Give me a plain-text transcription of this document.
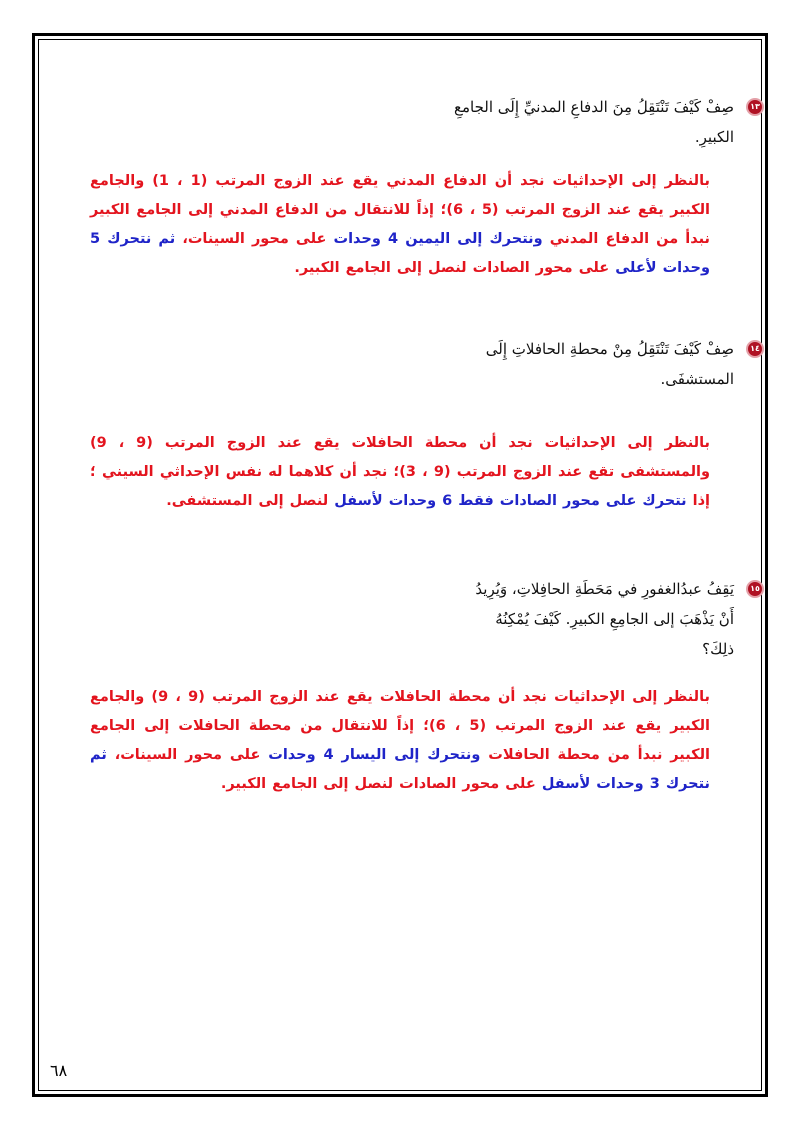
١٣
صِفْ كَيْفَ تَنْتَقِلُ مِنَ الدفاعِ المدنيِّ إِلَى الجامعِ
الكبيرِ.
بالنظر إلى الإحداثيات نجد أن الدفاع المدني يقع عند الزوج المرتب (1 ، 1) والجامع الكبير يقع عند الزوج المرتب (5 ، 6)؛ إذاً للانتقال من الدفاع المدني إلى الجامع الكبير نبدأ من الدفاع المدني ونتحرك إلى اليمين 4 وحدات على محور السينات، ثم نتحرك 5 وحدات لأعلى على محور الصادات لنصل إلى الجامع الكبير.
١٤
صِفْ كَيْفَ تَنْتَقِلُ مِنْ محطةِ الحافلاتِ إِلَى
المستشفَى.
بالنظر إلى الإحداثيات نجد أن محطة الحافلات يقع عند الزوج المرتب (9 ، 9) والمستشفى تقع عند الزوج المرتب (9 ، 3)؛ نجد أن كلاهما له نفس الإحداثي السيني ؛إذا نتحرك على محور الصادات فقط 6 وحدات لأسفل لنصل إلى المستشفى.
١٥
يَقِفُ عبدُالغفورِ في مَحَطَةِ الحافِلاتِ، وَيُرِيدُ
أَنْ يَذْهَبَ إلى الجامِعِ الكبيرِ. كَيْفَ يُمْكِنُهُ
ذلِكَ؟
بالنظر إلى الإحداثيات نجد أن محطة الحافلات يقع عند الزوج المرتب (9 ، 9) والجامع الكبير يقع عند الزوج المرتب (5 ، 6)؛ إذاً للانتقال من محطة الحافلات إلى الجامع الكبير نبدأ من محطة الحافلات ونتحرك إلى اليسار 4 وحدات على محور السينات، ثم نتحرك 3 وحدات لأسفل على محور الصادات لنصل إلى الجامع الكبير.
٦٨
